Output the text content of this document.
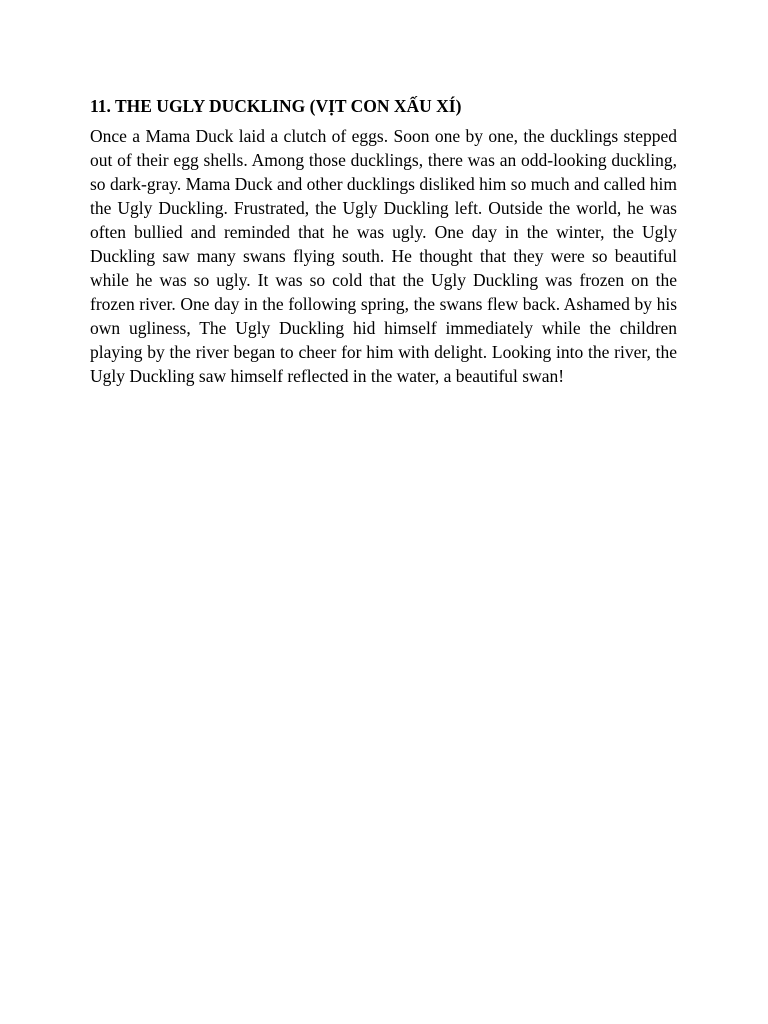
11. THE UGLY DUCKLING (VỊT CON XẤU XÍ)

Once a Mama Duck laid a clutch of eggs. Soon one by one, the ducklings stepped out of their egg shells. Among those ducklings, there was an odd-looking duckling, so dark-gray. Mama Duck and other ducklings disliked him so much and called him the Ugly Duckling. Frustrated, the Ugly Duckling left. Outside the world, he was often bullied and reminded that he was ugly. One day in the winter, the Ugly Duckling saw many swans flying south. He thought that they were so beautiful while he was so ugly. It was so cold that the Ugly Duckling was frozen on the frozen river. One day in the following spring, the swans flew back. Ashamed by his own ugliness, The Ugly Duckling hid himself immediately while the children playing by the river began to cheer for him with delight. Looking into the river, the Ugly Duckling saw himself reflected in the water, a beautiful swan!
